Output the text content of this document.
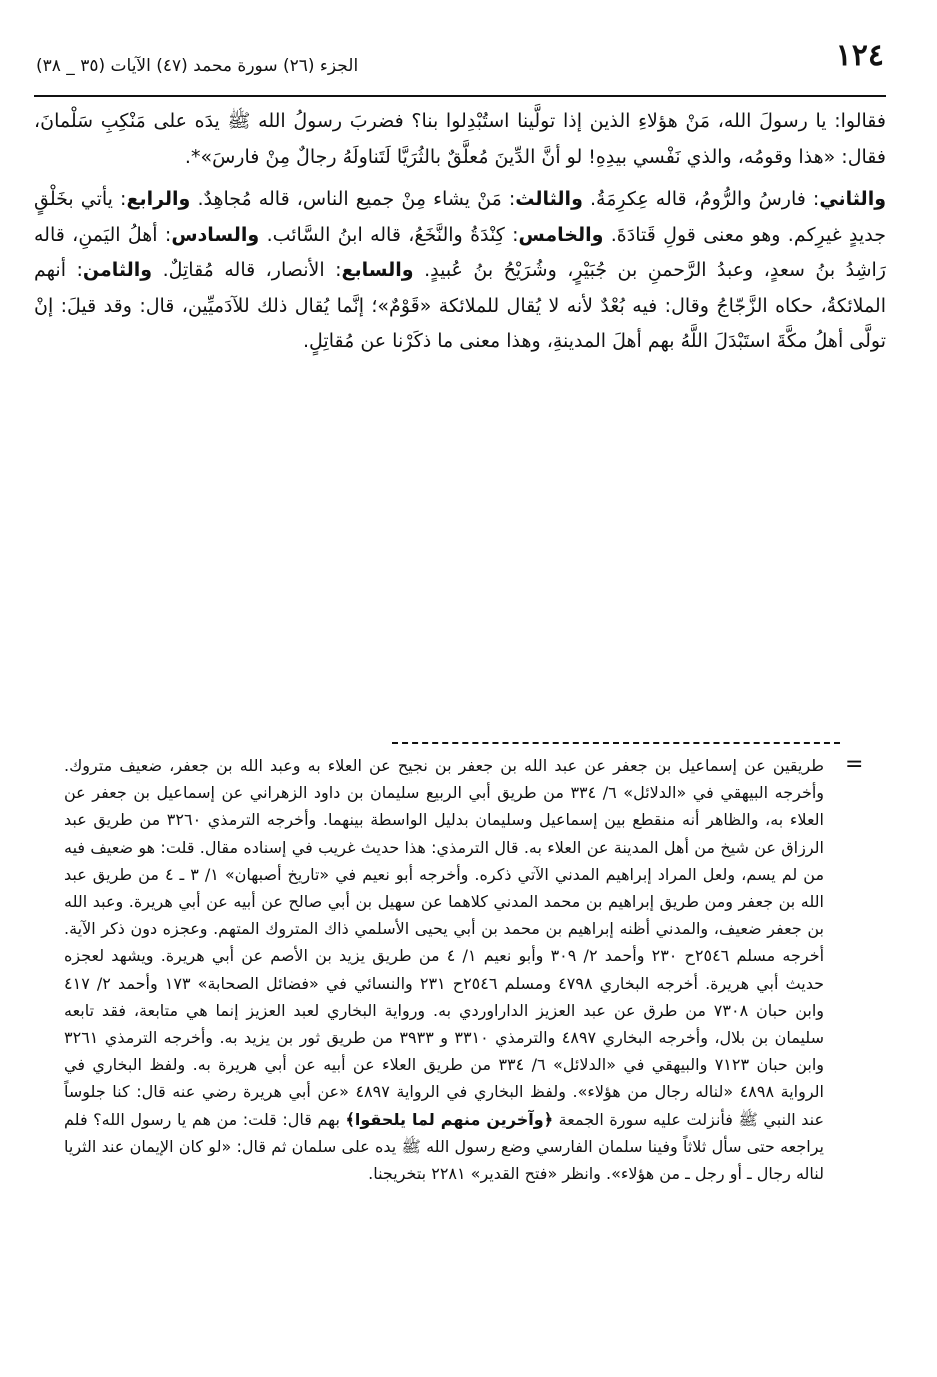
١٢٤
الجزء (٢٦) سورة محمد (٤٧) الآيات (٣٥ _ ٣٨)

فقالوا: يا رسولَ الله، مَنْ هؤلاءِ الذين إذا تولَّينا استُبْدِلوا بنا؟ فضربَ رسولُ الله ﷺ يدَه على مَنْكِبِ سَلْمانَ، فقال: «هذا وقومُه، والذي نَفْسي بيدِهِ! لو أنَّ الدِّينَ مُعلَّقٌ بالثُرَيَّا لَتَناولَهُ رجالٌ مِنْ فارسَ»*.

والثاني: فارسُ والرُّومُ، قاله عِكرِمَةُ. والثالث: مَنْ يشاء مِنْ جميع الناس، قاله مُجاهِدٌ. والرابع: يأتي بخَلْقٍ جديدٍ غيرِكم. وهو معنى قولِ قَتادَةَ. والخامس: كِنْدَةُ والنَّخَعُ، قاله ابنُ السَّائب. والسادس: أهلُ اليَمنِ، قاله رَاشِدُ بنُ سعدٍ، وعبدُ الرَّحمنِ بن جُبَيْرٍ، وشُرَيْحُ بنُ عُبيدٍ. والسابع: الأنصار، قاله مُقاتِلٌ. والثامن: أنهم الملائكةُ، حكاه الزَّجّاجُ وقال: فيه بُعْدٌ لأنه لا يُقال للملائكة «قَوْمٌ»؛ إنَّما يُقال ذلك للآدَميِّين، قال: وقد قيلَ: إنْ تولَّى أهلُ مكَّةَ استَبْدَلَ اللَّهُ بهم أهلَ المدينةِ، وهذا معنى ما ذكَرْنا عن مُقاتِلٍ.

=

طريقين عن إسماعيل بن جعفر عن عبد الله بن جعفر بن نجيح عن العلاء به وعبد الله بن جعفر، ضعيف متروك. وأخرجه البيهقي في «الدلائل» ٦/ ٣٣٤ من طريق أبي الربيع سليمان بن داود الزهراني عن إسماعيل بن جعفر عن العلاء به، والظاهر أنه منقطع بين إسماعيل وسليمان بدليل الواسطة بينهما. وأخرجه الترمذي ٣٢٦٠ من طريق عبد الرزاق عن شيخ من أهل المدينة عن العلاء به. قال الترمذي: هذا حديث غريب في إسناده مقال. قلت: هو ضعيف فيه من لم يسم، ولعل المراد إبراهيم المدني الآتي ذكره. وأخرجه أبو نعيم في «تاريخ أصبهان» ١/ ٣ ـ ٤ من طريق عبد الله بن جعفر ومن طريق إبراهيم بن محمد المدني كلاهما عن سهيل بن أبي صالح عن أبيه عن أبي هريرة. وعبد الله بن جعفر ضعيف، والمدني أظنه إبراهيم بن محمد بن أبي يحيى الأسلمي ذاك المتروك المتهم. وعجزه دون ذكر الآية. أخرجه مسلم ٢٥٤٦ح ٢٣٠ وأحمد ٢/ ٣٠٩ وأبو نعيم ١/ ٤ من طريق يزيد بن الأصم عن أبي هريرة. ويشهد لعجزه حديث أبي هريرة. أخرجه البخاري ٤٧٩٨ ومسلم ٢٥٤٦ح ٢٣١ والنسائي في «فضائل الصحابة» ١٧٣ وأحمد ٢/ ٤١٧ وابن حبان ٧٣٠٨ من طرق عن عبد العزيز الداراوردي به. ورواية البخاري لعبد العزيز إنما هي متابعة، فقد تابعه سليمان بن بلال، وأخرجه البخاري ٤٨٩٧ والترمذي ٣٣١٠ و ٣٩٣٣ من طريق ثور بن يزيد به. وأخرجه الترمذي ٣٢٦١ وابن حبان ٧١٢٣ والبيهقي في «الدلائل» ٦/ ٣٣٤ من طريق العلاء عن أبيه عن أبي هريرة به. ولفظ البخاري في الرواية ٤٨٩٨ «لناله رجال من هؤلاء». ولفظ البخاري في الرواية ٤٨٩٧ «عن أبي هريرة رضي عنه قال: كنا جلوساً عند النبي ﷺ فأنزلت عليه سورة الجمعة ﴿وآخرين منهم لما يلحقوا﴾ بهم قال: قلت: من هم يا رسول الله؟ فلم يراجعه حتى سأل ثلاثاً وفينا سلمان الفارسي وضع رسول الله ﷺ يده على سلمان ثم قال: «لو كان الإيمان عند الثريا لناله رجال ـ أو رجل ـ من هؤلاء». وانظر «فتح القدير» ٢٢٨١ بتخريجنا.
